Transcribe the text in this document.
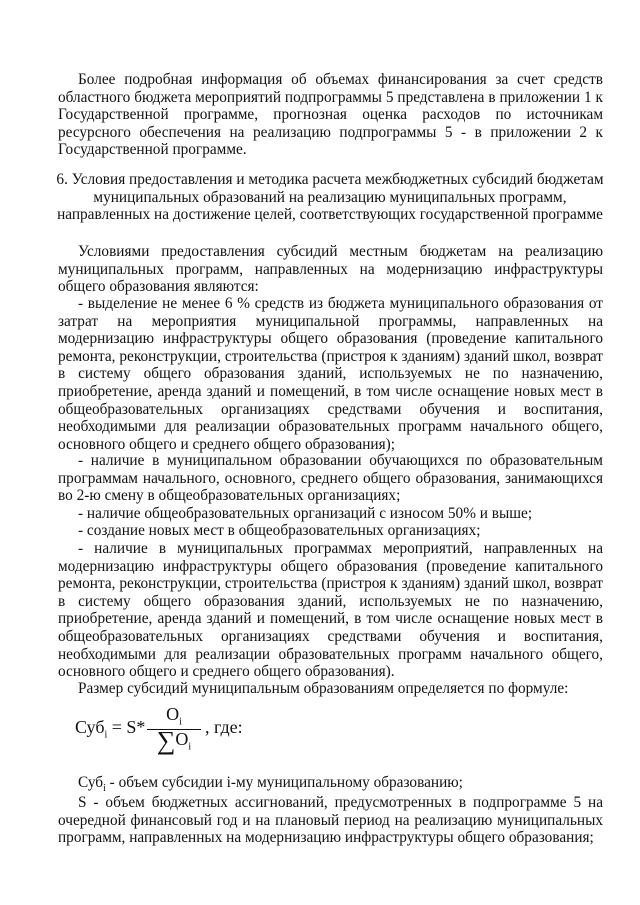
Более подробная информация об объемах финансирования за счет средств областного бюджета мероприятий подпрограммы 5 представлена в приложении 1 к Государственной программе, прогнозная оценка расходов по источникам ресурсного обеспечения на реализацию подпрограммы 5 - в приложении 2 к Государственной программе.

6. Условия предоставления и методика расчета межбюджетных субсидий бюджетам муниципальных образований на реализацию муниципальных программ, направленных на достижение целей, соответствующих государственной программе

Условиями предоставления субсидий местным бюджетам на реализацию муниципальных программ, направленных на модернизацию инфраструктуры общего образования являются:

- выделение не менее 6 % средств из бюджета муниципального образования от затрат на мероприятия муниципальной программы, направленных на модернизацию инфраструктуры общего образования (проведение капитального ремонта, реконструкции, строительства (пристроя к зданиям) зданий школ, возврат в систему общего образования зданий, используемых не по назначению, приобретение, аренда зданий и помещений, в том числе оснащение новых мест в общеобразовательных организациях средствами обучения и воспитания, необходимыми для реализации образовательных программ начального общего, основного общего и среднего общего образования);

- наличие в муниципальном образовании обучающихся по образовательным программам начального, основного, среднего общего образования, занимающихся во 2-ю смену в общеобразовательных организациях;

- наличие общеобразовательных организаций с износом 50% и выше;

- создание новых мест в общеобразовательных организациях;

- наличие в муниципальных программах мероприятий, направленных на модернизацию инфраструктуры общего образования (проведение капитального ремонта, реконструкции, строительства (пристроя к зданиям) зданий школ, возврат в систему общего образования зданий, используемых не по назначению, приобретение, аренда зданий и помещений, в том числе оснащение новых мест в общеобразовательных организациях средствами обучения и воспитания, необходимыми для реализации образовательных программ начального общего, основного общего и среднего общего образования).

Размер субсидий муниципальным образованиям определяется по формуле:

Суб$_i$ = S*
$O_i$
$\sum O_i$
, где:

Суб$_i$ - объем субсидии i-му муниципальному образованию;

S - объем бюджетных ассигнований, предусмотренных в подпрограмме 5 на очередной финансовый год и на плановый период на реализацию муниципальных программ, направленных на модернизацию инфраструктуры общего образования;
